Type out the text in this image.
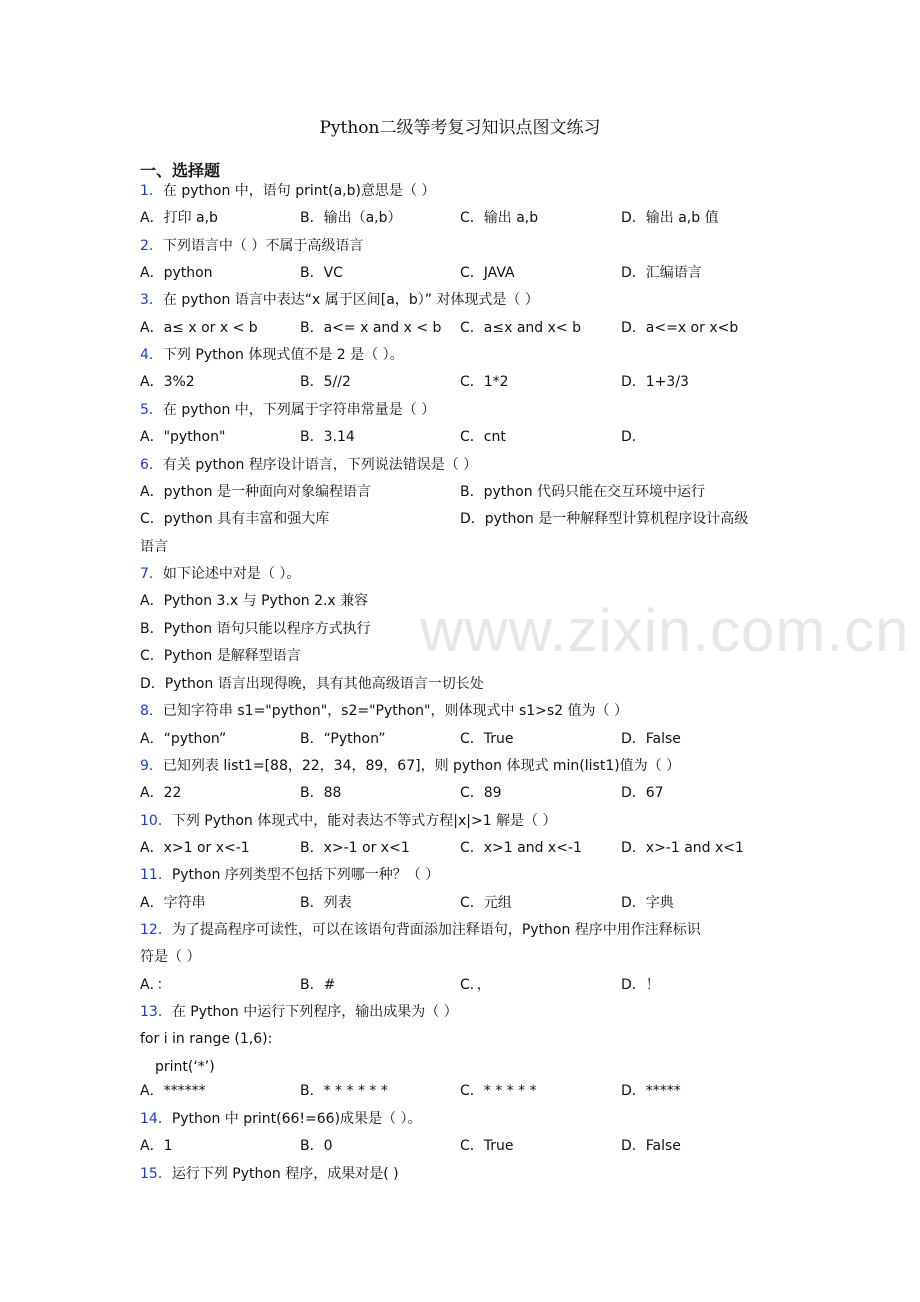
www.zixin.com.cn
Python二级等考复习知识点图文练习
一、选择题
1．在 python 中，语句 print(a,b)意思是（ ）
A．打印 a,b	B．输出（a,b）	C．输出 a,b	D．输出 a,b 值
2．下列语言中（ ）不属于高级语言
A．python	B．VC	C．JAVA	D．汇编语言
3．在 python 语言中表达“x 属于区间[a，b）” 对体现式是（ ）
A．a≤ x or x < b	B．a<= x and x < b C．a≤x and x< b	D．a<=x or x<b
4．下列 Python 体现式值不是 2 是（ ）。
A．3%2	B．5//2	C．1*2	D．1+3/3
5．在 python 中，下列属于字符串常量是（ ）
A．"python"	B．3.14	C．cnt	D．
6．有关 python 程序设计语言，下列说法错误是（ ）
A．python 是一种面向对象编程语言	B．python 代码只能在交互环境中运行
C．python 具有丰富和强大库	D．python 是一种解释型计算机程序设计高级
语言
7．如下论述中对是（ ）。
A．Python 3.x 与 Python 2.x 兼容
B．Python 语句只能以程序方式执行
C．Python 是解释型语言
D．Python 语言出现得晚，具有其他高级语言一切长处
8．已知字符串 s1="python"，s2="Python"，则体现式中 s1>s2 值为（ ）
A．“python”	B．“Python”	C．True	D．False
9．已知列表 list1=[88，22，34，89，67]，则 python 体现式 min(list1)值为（ ）
A．22	B．88	C．89	D．67
10．下列 Python 体现式中，能对表达不等式方程|x|>1 解是（ ）
A．x>1 or x<-1	B．x>-1 or x<1	C．x>1 and x<-1	D．x>-1 and x<1
11．Python 序列类型不包括下列哪一种？（ ）
A．字符串	B．列表	C．元组	D．字典
12．为了提高程序可读性，可以在该语句背面添加注释语句，Python 程序中用作注释标识
符是（ ）
A．：	B．#	C．，	D．！
13．在 Python 中运行下列程序，输出成果为（ ）
for i in range (1,6):
print(‘*’)
A．******	B．* * * * * *	C．* * * * *	D．*****
14．Python 中 print(66!=66)成果是（ ）。
A．1	B．0	C．True	D．False
15．运行下列 Python 程序，成果对是( )
